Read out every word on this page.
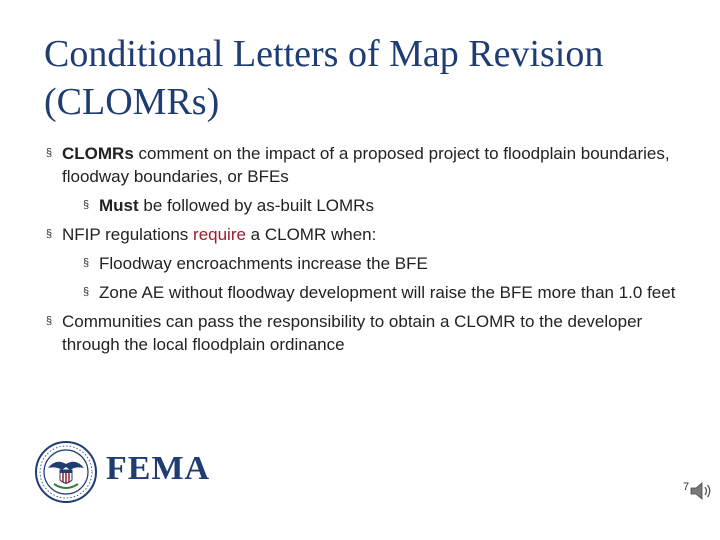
Conditional Letters of Map Revision
(CLOMRs)
§ CLOMRs comment on the impact of a proposed project to floodplain boundaries, floodway boundaries, or BFEs
§ Must be followed by as-built LOMRs
§ NFIP regulations require a CLOMR when:
§ Floodway encroachments increase the BFE
§ Zone AE without floodway development will raise the BFE more than 1.0 feet
§ Communities can pass the responsibility to obtain a CLOMR to the developer through the local floodplain ordinance
FEMA	7
